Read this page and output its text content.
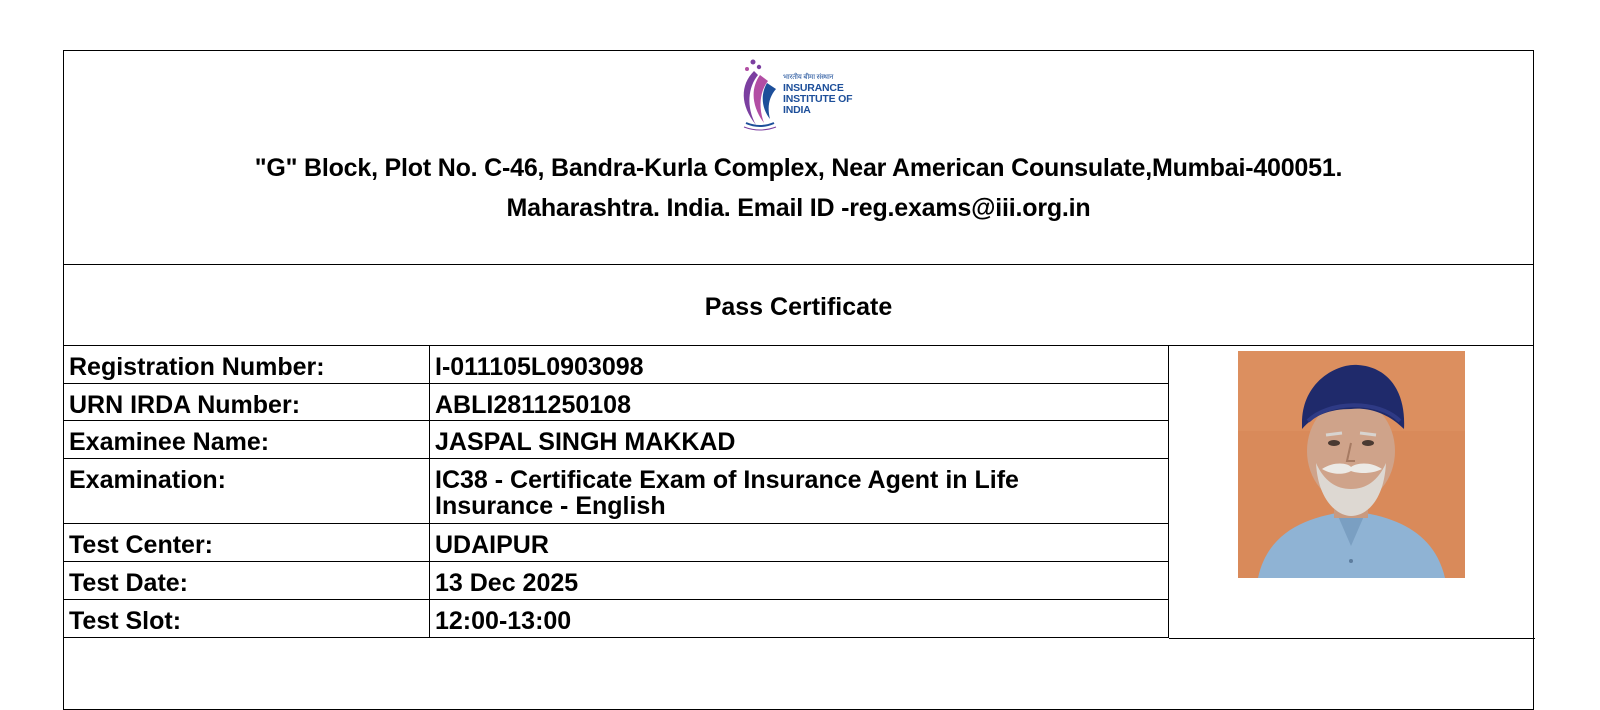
भारतीय बीमा संस्थान
INSURANCE
INSTITUTE OF
INDIA
"G" Block, Plot No. C-46, Bandra-Kurla Complex, Near American Counsulate,Mumbai-400051.
Maharashtra. India. Email ID -reg.exams@iii.org.in
Pass Certificate
Registration Number:	I-011105L0903098
URN IRDA Number:	ABLI2811250108
Examinee Name:	JASPAL SINGH MAKKAD
Examination:	IC38 - Certificate Exam of Insurance Agent in Life Insurance - English
Test Center:	UDAIPUR
Test Date:	13 Dec 2025
Test Slot:	12:00-13:00
